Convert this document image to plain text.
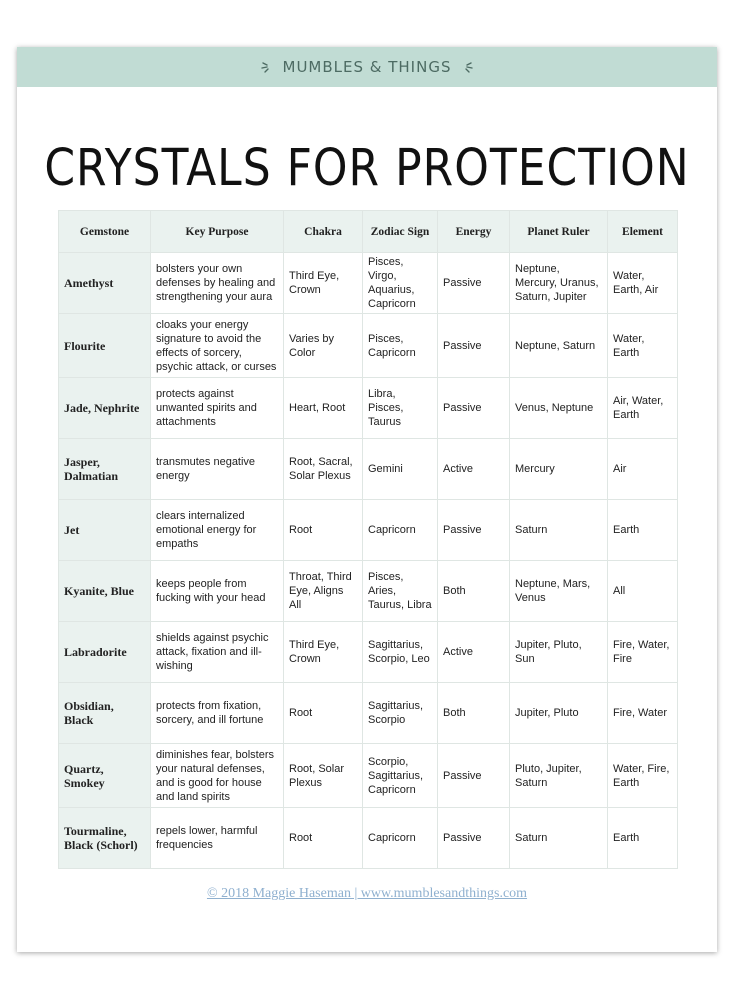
MUMBLES & THINGS
CRYSTALS FOR PROTECTION
Gemstone	Key Purpose	Chakra	Zodiac Sign	Energy	Planet Ruler	Element
Amethyst	bolsters your own defenses by healing and strengthening your aura	Third Eye, Crown	Pisces, Virgo, Aquarius, Capricorn	Passive	Neptune, Mercury, Uranus, Saturn, Jupiter	Water, Earth, Air
Flourite	cloaks your energy signature to avoid the effects of sorcery, psychic attack, or curses	Varies by Color	Pisces, Capricorn	Passive	Neptune, Saturn	Water, Earth
Jade, Nephrite	protects against unwanted spirits and attachments	Heart, Root	Libra, Pisces, Taurus	Passive	Venus, Neptune	Air, Water, Earth
Jasper, Dalmatian	transmutes negative energy	Root, Sacral, Solar Plexus	Gemini	Active	Mercury	Air
Jet	clears internalized emotional energy for empaths	Root	Capricorn	Passive	Saturn	Earth
Kyanite, Blue	keeps people from fucking with your head	Throat, Third Eye, Aligns All	Pisces, Aries, Taurus, Libra	Both	Neptune, Mars, Venus	All
Labradorite	shields against psychic attack, fixation and ill-wishing	Third Eye, Crown	Sagittarius, Scorpio, Leo	Active	Jupiter, Pluto, Sun	Fire, Water, Fire
Obsidian, Black	protects from fixation, sorcery, and ill fortune	Root	Sagittarius, Scorpio	Both	Jupiter, Pluto	Fire, Water
Quartz, Smokey	diminishes fear, bolsters your natural defenses, and is good for house and land spirits	Root, Solar Plexus	Scorpio, Sagittarius, Capricorn	Passive	Pluto, Jupiter, Saturn	Water, Fire, Earth
Tourmaline, Black (Schorl)	repels lower, harmful frequencies	Root	Capricorn	Passive	Saturn	Earth
© 2018 Maggie Haseman | www.mumblesandthings.com
